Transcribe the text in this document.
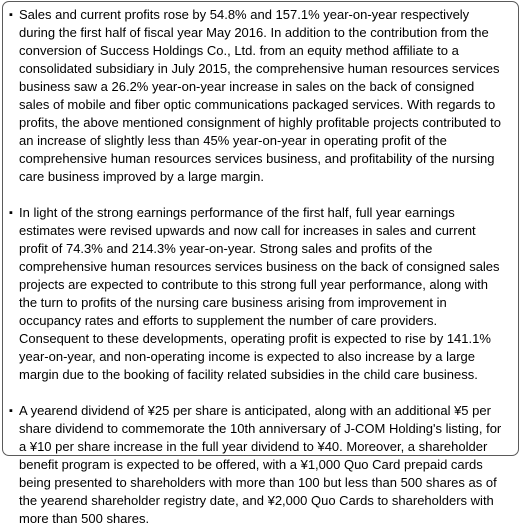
▪ Sales and current profits rose by 54.8% and 157.1% year-on-year respectively during the first half of fiscal year May 2016. In addition to the contribution from the conversion of Success Holdings Co., Ltd. from an equity method affiliate to a consolidated subsidiary in July 2015, the comprehensive human resources services business saw a 26.2% year-on-year increase in sales on the back of consigned sales of mobile and fiber optic communications packaged services. With regards to profits, the above mentioned consignment of highly profitable projects contributed to an increase of slightly less than 45% year-on-year in operating profit of the comprehensive human resources services business, and profitability of the nursing care business improved by a large margin.
▪ In light of the strong earnings performance of the first half, full year earnings estimates were revised upwards and now call for increases in sales and current profit of 74.3% and 214.3% year-on-year. Strong sales and profits of the comprehensive human resources services business on the back of consigned sales projects are expected to contribute to this strong full year performance, along with the turn to profits of the nursing care business arising from improvement in occupancy rates and efforts to supplement the number of care providers. Consequent to these developments, operating profit is expected to rise by 141.1% year-on-year, and non-operating income is expected to also increase by a large margin due to the booking of facility related subsidies in the child care business.
▪ A yearend dividend of ¥25 per share is anticipated, along with an additional ¥5 per share dividend to commemorate the 10th anniversary of J-COM Holding's listing, for a ¥10 per share increase in the full year dividend to ¥40. Moreover, a shareholder benefit program is expected to be offered, with a ¥1,000 Quo Card prepaid cards being presented to shareholders with more than 100 but less than 500 shares as of the yearend shareholder registry date, and ¥2,000 Quo Cards to shareholders with more than 500 shares.
